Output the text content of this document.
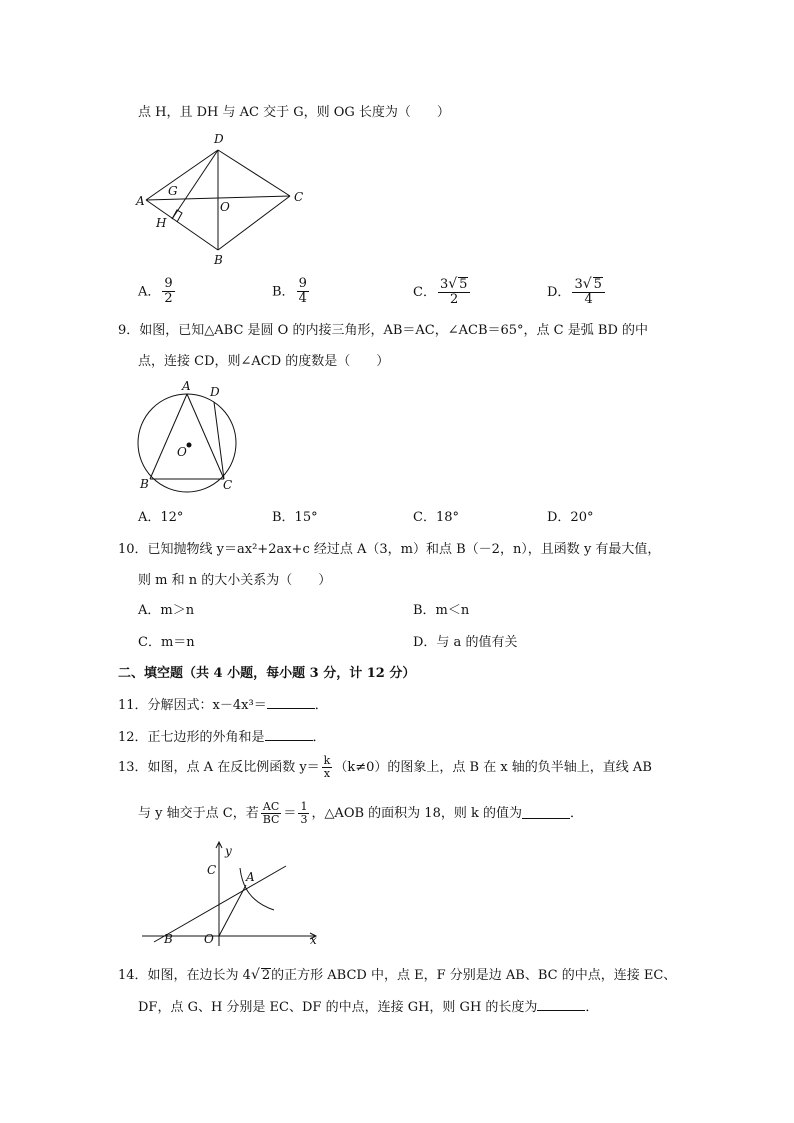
点 H，且 DH 与 AC 交于 G，则 OG 长度为（　　）
D
A
G
O
C
H
B
A． $\frac{9}{2}$	B． $\frac{9}{4}$	C． $\frac{3√ 5}{2}$	D． $\frac{3√ 5}{4}$
9．如图，已知△ABC 是圆 O 的内接三角形，AB＝AC，∠ACB＝65°，点 C 是弧 BD 的中
点，连接 CD，则∠ACD 的度数是（　　）
A D
O
B	C
A．12°	B．15°	C．18°	D．20°
10．已知抛物线 y＝ax²+2ax+c 经过点 A（3，m）和点 B（－2，n），且函数 y 有最大值，
则 m 和 n 的大小关系为（　　）
A．m＞n	B．m＜n
C．m＝n	D．与 a 的值有关
二、填空题（共 4 小题，每小题 3 分，计 12 分）
11．分解因式：x－4x³＝	．
12．正七边形的外角和是	．
13．如图，点 A 在反比例函数 $y= \frac{k}{x} (k\ne 0)$的图象上，点 B 在 x 轴的负半轴上，直线 AB
与 y 轴交于点 C，若 $\frac{AC}{BC} = \frac{1}{3}$ ，△AOB 的面积为 18，则 k 的值为	．
y
x
A
C
B	O
14．如图，在边长为 4√ 2的正方形 ABCD 中，点 E，F 分别是边 AB、BC 的中点，连接 EC、
DF，点 G、H 分别是 EC、DF 的中点，连接 GH，则 GH 的长度为	．
